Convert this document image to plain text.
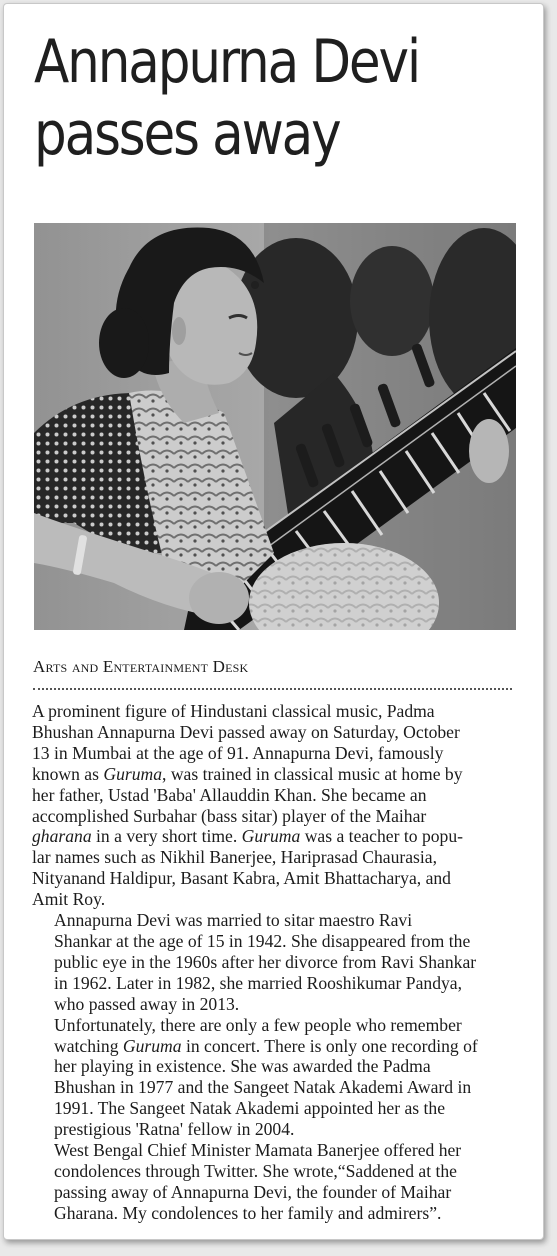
Annapurna Devi
passes away
Arts and Entertainment Desk

A prominent figure of Hindustani classical music, Padma
Bhushan Annapurna Devi passed away on Saturday, October
13 in Mumbai at the age of 91. Annapurna Devi, famously
known as Guruma, was trained in classical music at home by
her father, Ustad 'Baba' Allauddin Khan. She became an
accomplished Surbahar (bass sitar) player of the Maihar
gharana in a very short time. Guruma was a teacher to popu-
lar names such as Nikhil Banerjee, Hariprasad Chaurasia,
Nityanand Haldipur, Basant Kabra, Amit Bhattacharya, and
Amit Roy.

Annapurna Devi was married to sitar maestro Ravi
Shankar at the age of 15 in 1942. She disappeared from the
public eye in the 1960s after her divorce from Ravi Shankar
in 1962. Later in 1982, she married Rooshikumar Pandya,
who passed away in 2013.

Unfortunately, there are only a few people who remember
watching Guruma in concert. There is only one recording of
her playing in existence. She was awarded the Padma
Bhushan in 1977 and the Sangeet Natak Akademi Award in
1991. The Sangeet Natak Akademi appointed her as the
prestigious 'Ratna' fellow in 2004.

West Bengal Chief Minister Mamata Banerjee offered her
condolences through Twitter. She wrote,“Saddened at the
passing away of Annapurna Devi, the founder of Maihar
Gharana. My condolences to her family and admirers”.
